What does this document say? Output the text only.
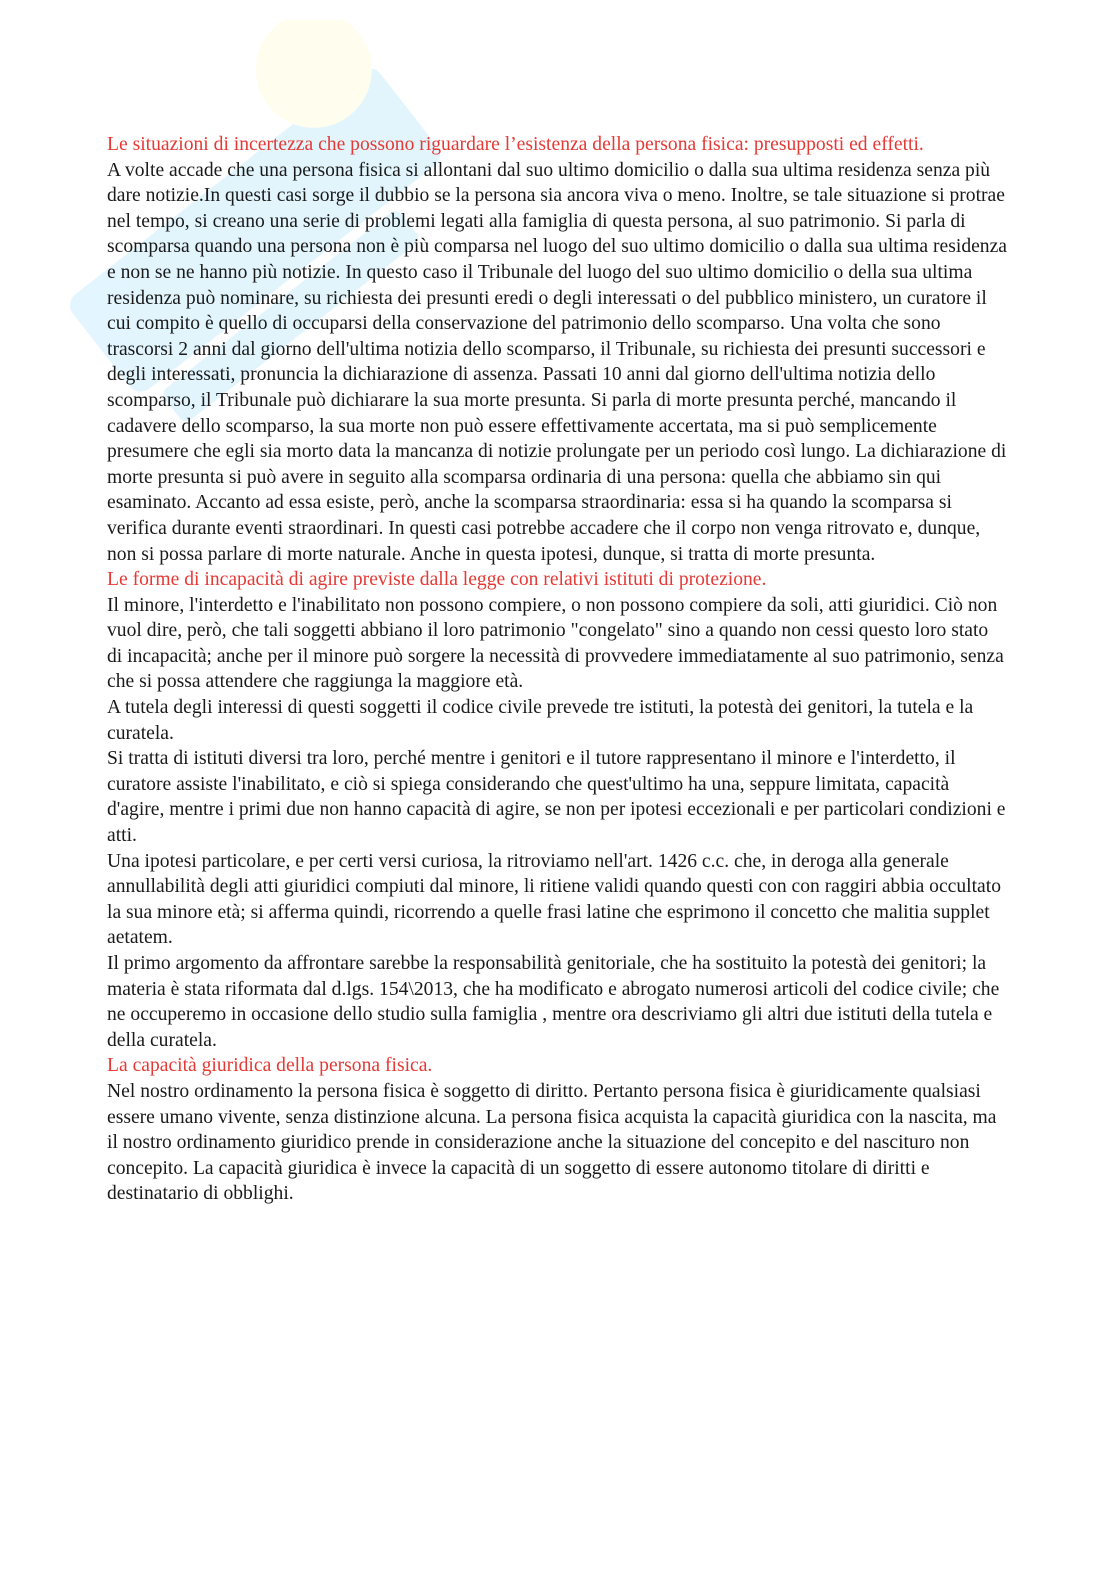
Le situazioni di incertezza che possono riguardare l’esistenza della persona fisica: presupposti ed effetti.

A volte accade che una persona fisica si allontani dal suo ultimo domicilio o dalla sua ultima residenza senza più dare notizie.In questi casi sorge il dubbio se la persona sia ancora viva o meno. Inoltre, se tale situazione si protrae nel tempo, si creano una serie di problemi legati alla famiglia di questa persona, al suo patrimonio. Si parla di scomparsa quando una persona non è più comparsa nel luogo del suo ultimo domicilio o dalla sua ultima residenza e non se ne hanno più notizie. In questo caso il Tribunale del luogo del suo ultimo domicilio o della sua ultima residenza può nominare, su richiesta dei presunti eredi o degli interessati o del pubblico ministero, un curatore il cui compito è quello di occuparsi della conservazione del patrimonio dello scomparso. Una volta che sono trascorsi 2 anni dal giorno dell'ultima notizia dello scomparso, il Tribunale, su richiesta dei presunti successori e degli interessati, pronuncia la dichiarazione di assenza. Passati 10 anni dal giorno dell'ultima notizia dello scomparso, il Tribunale può dichiarare la sua morte presunta. Si parla di morte presunta perché, mancando il cadavere dello scomparso, la sua morte non può essere effettivamente accertata, ma si può semplicemente presumere che egli sia morto data la mancanza di notizie prolungate per un periodo così lungo. La dichiarazione di morte presunta si può avere in seguito alla scomparsa ordinaria di una persona: quella che abbiamo sin qui esaminato. Accanto ad essa esiste, però, anche la scomparsa straordinaria: essa si ha quando la scomparsa si verifica durante eventi straordinari. In questi casi potrebbe accadere che il corpo non venga ritrovato e, dunque, non si possa parlare di morte naturale. Anche in questa ipotesi, dunque, si tratta di morte presunta.

Le forme di incapacità di agire previste dalla legge con relativi istituti di protezione.

Il minore, l'interdetto e l'inabilitato non possono compiere, o non possono compiere da soli, atti giuridici. Ciò non vuol dire, però, che tali soggetti abbiano il loro patrimonio "congelato" sino a quando non cessi questo loro stato di incapacità; anche per il minore può sorgere la necessità di provvedere immediatamente al suo patrimonio, senza che si possa attendere che raggiunga la maggiore età.

A tutela degli interessi di questi soggetti il codice civile prevede tre istituti, la potestà dei genitori, la tutela e la curatela.

Si tratta di istituti diversi tra loro, perché mentre i genitori e il tutore rappresentano il minore e l'interdetto, il curatore assiste l'inabilitato, e ciò si spiega considerando che quest'ultimo ha una, seppure limitata, capacità d'agire, mentre i primi due non hanno capacità di agire, se non per ipotesi eccezionali e per particolari condizioni e atti.

Una ipotesi particolare, e per certi versi curiosa, la ritroviamo nell'art. 1426 c.c. che, in deroga alla generale annullabilità degli atti giuridici compiuti dal minore, li ritiene validi quando questi con con raggiri abbia occultato la sua minore età; si afferma quindi, ricorrendo a quelle frasi latine che esprimono il concetto che malitia supplet aetatem.

Il primo argomento da affrontare sarebbe la responsabilità genitoriale, che ha sostituito la potestà dei genitori; la materia è stata riformata dal d.lgs. 154\2013, che ha modificato e abrogato numerosi articoli del codice civile; che ne occuperemo in occasione dello studio sulla famiglia , mentre ora descriviamo gli altri due istituti della tutela e della curatela.

La capacità giuridica della persona fisica.

Nel nostro ordinamento la persona fisica è soggetto di diritto. Pertanto persona fisica è giuridicamente qualsiasi essere umano vivente, senza distinzione alcuna. La persona fisica acquista la capacità giuridica con la nascita, ma il nostro ordinamento giuridico prende in considerazione anche la situazione del concepito e del nascituro non concepito. La capacità giuridica è invece la capacità di un soggetto di essere autonomo titolare di diritti e destinatario di obblighi.
